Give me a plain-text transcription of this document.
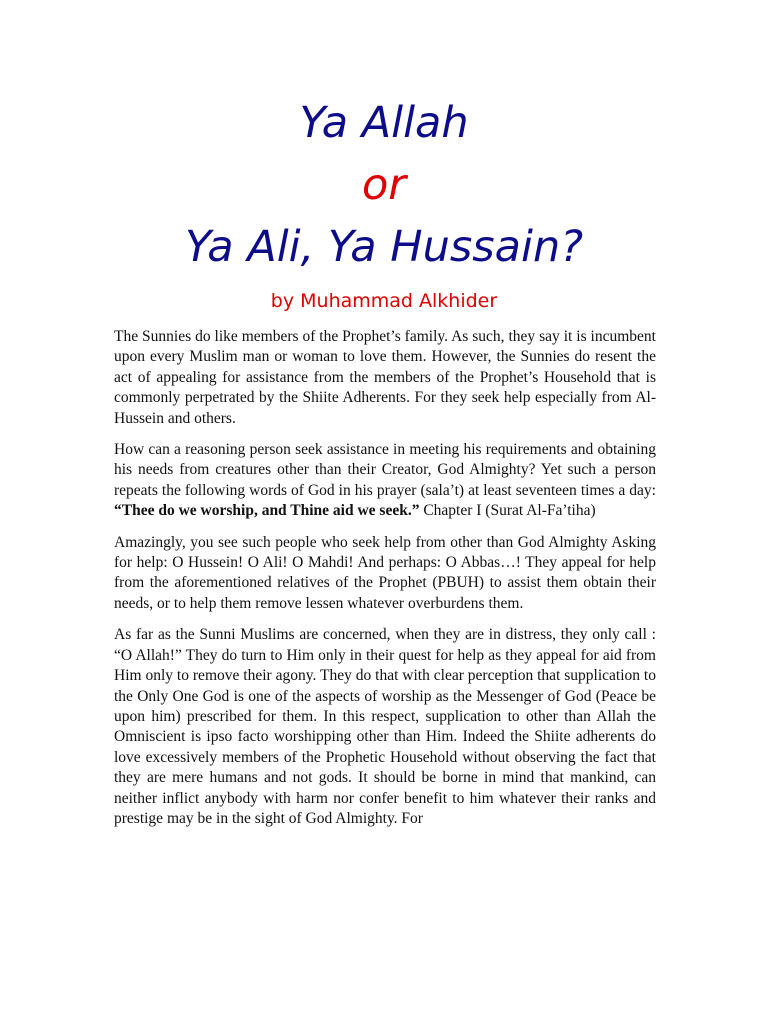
Ya Allah
or
Ya Ali, Ya Hussain?
by Muhammad Alkhider

The Sunnies do like members of the Prophet’s family. As such, they say it is incumbent upon every Muslim man or woman to love them. However, the Sunnies do resent the act of appealing for assistance from the members of the Prophet’s Household that is commonly perpetrated by the Shiite Adherents. For they seek help especially from Al-Hussein and others.

How can a reasoning person seek assistance in meeting his requirements and obtaining his needs from creatures other than their Creator, God Almighty? Yet such a person repeats the following words of God in his prayer (sala’t) at least seventeen times a day: “Thee do we worship, and Thine aid we seek.” Chapter I (Surat Al-Fa’tiha)

Amazingly, you see such people who seek help from other than God Almighty Asking for help: O Hussein! O Ali! O Mahdi! And perhaps: O Abbas…! They appeal for help from the aforementioned relatives of the Prophet (PBUH) to assist them obtain their needs, or to help them remove lessen whatever overburdens them.

As far as the Sunni Muslims are concerned, when they are in distress, they only call : “O Allah!” They do turn to Him only in their quest for help as they appeal for aid from Him only to remove their agony. They do that with clear perception that supplication to the Only One God is one of the aspects of worship as the Messenger of God (Peace be upon him) prescribed for them. In this respect, supplication to other than Allah the Omniscient is ipso facto worshipping other than Him. Indeed the Shiite adherents do love excessively members of the Prophetic Household without observing the fact that they are mere humans and not gods. It should be borne in mind that mankind, can neither inflict anybody with harm nor confer benefit to him whatever their ranks and prestige may be in the sight of God Almighty. For
